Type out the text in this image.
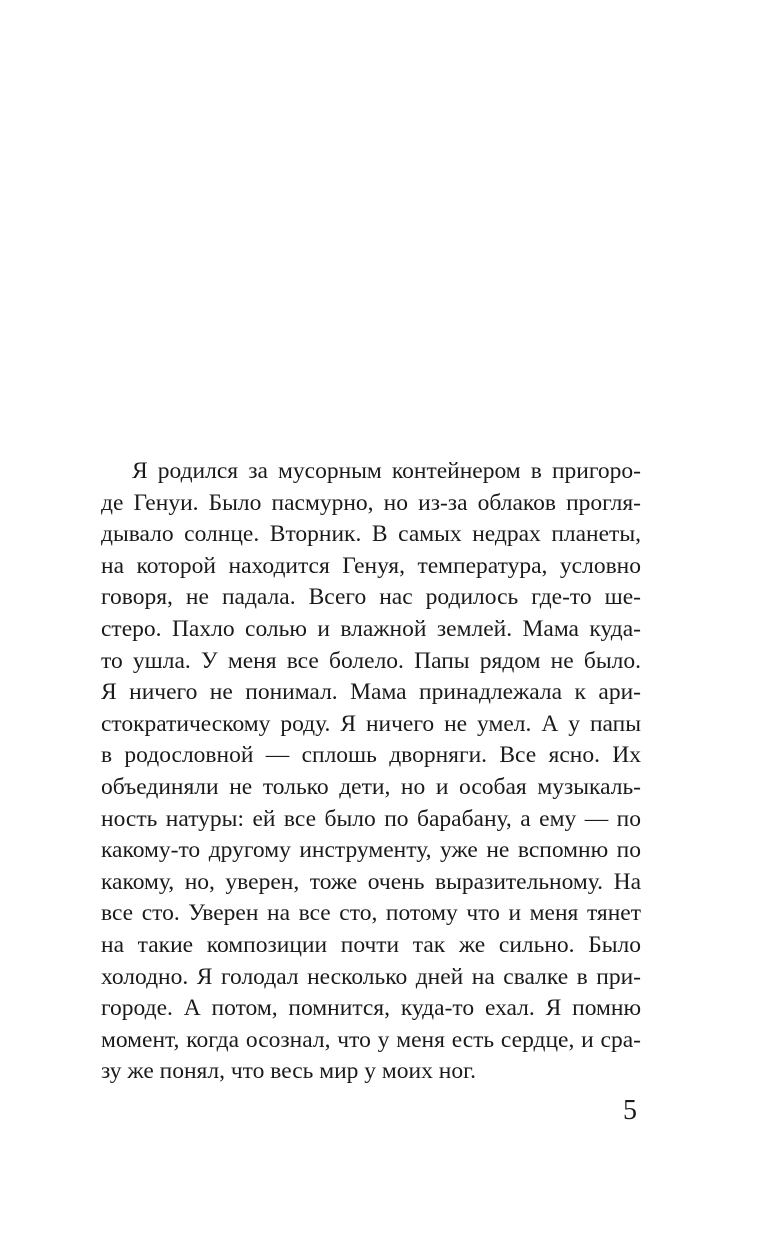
Я родился за мусорным контейнером в пригоро-
де Генуи. Было пасмурно, но из-за облаков прогля-
дывало солнце. Вторник. В самых недрах планеты,
на которой находится Генуя, температура, условно
говоря, не падала. Всего нас родилось где-то ше-
стеро. Пахло солью и влажной землей. Мама куда-
то ушла. У меня все болело. Папы рядом не было.
Я ничего не понимал. Мама принадлежала к ари-
стократическому роду. Я ничего не умел. А у папы
в родословной — сплошь дворняги. Все ясно. Их
объединяли не только дети, но и особая музыкаль-
ность натуры: ей все было по барабану, а ему — по
какому-то другому инструменту, уже не вспомню по
какому, но, уверен, тоже очень выразительному. На
все сто. Уверен на все сто, потому что и меня тянет
на такие композиции почти так же сильно. Было
холодно. Я голодал несколько дней на свалке в при-
городе. А потом, помнится, куда-то ехал. Я помню
момент, когда осознал, что у меня есть сердце, и сра-
зу же понял, что весь мир у моих ног.
5
